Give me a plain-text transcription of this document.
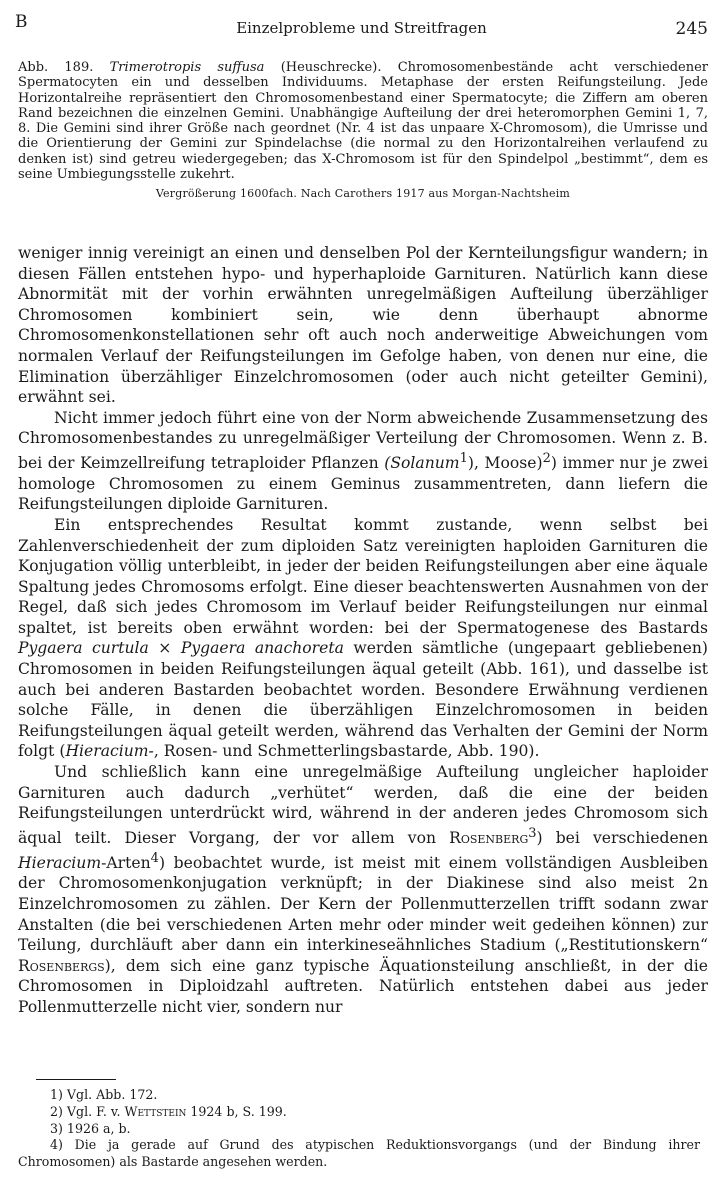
B	Einzelprobleme und Streitfragen	245

Abb. 189. Trimerotropis suffusa (Heuschrecke). Chromosomenbestände acht verschiedener Spermatocyten ein und desselben Individuums. Metaphase der ersten Reifungsteilung. Jede Horizontalreihe repräsentiert den Chromosomenbestand einer Spermatocyte; die Ziffern am oberen Rand bezeichnen die einzelnen Gemini. Unabhängige Aufteilung der drei heteromorphen Gemini 1, 7, 8. Die Gemini sind ihrer Größe nach geordnet (Nr. 4 ist das unpaare X-Chromosom), die Umrisse und die Orientierung der Gemini zur Spindelachse (die normal zu den Horizontalreihen verlaufend zu denken ist) sind getreu wiedergegeben; das X-Chromosom ist für den Spindelpol „bestimmt“, dem es seine Umbiegungsstelle zukehrt.

Vergrößerung 1600fach. Nach Carothers 1917 aus Morgan-Nachtsheim

weniger innig vereinigt an einen und denselben Pol der Kernteilungsfigur wandern; in diesen Fällen entstehen hypo- und hyperhaploide Garnituren. Natürlich kann diese Abnormität mit der vorhin erwähnten unregelmäßigen Aufteilung überzähliger Chromosomen kombiniert sein, wie denn überhaupt abnorme Chromosomenkonstellationen sehr oft auch noch anderweitige Abweichungen vom normalen Verlauf der Reifungsteilungen im Gefolge haben, von denen nur eine, die Elimination überzähliger Einzelchromosomen (oder auch nicht geteilter Gemini), erwähnt sei.

Nicht immer jedoch führt eine von der Norm abweichende Zusammensetzung des Chromosomenbestandes zu unregelmäßiger Verteilung der Chromosomen. Wenn z. B. bei der Keimzellreifung tetraploider Pflanzen (Solanum$^1$), Moose)$^2$) immer nur je zwei homologe Chromosomen zu einem Geminus zusammentreten, dann liefern die Reifungsteilungen diploide Garnituren.

Ein entsprechendes Resultat kommt zustande, wenn selbst bei Zahlenverschiedenheit der zum diploiden Satz vereinigten haploiden Garnituren die Konjugation völlig unterbleibt, in jeder der beiden Reifungsteilungen aber eine äquale Spaltung jedes Chromosoms erfolgt. Eine dieser beachtenswerten Ausnahmen von der Regel, daß sich jedes Chromosom im Verlauf beider Reifungsteilungen nur einmal spaltet, ist bereits oben erwähnt worden: bei der Spermatogenese des Bastards Pygaera curtula × Pygaera anachoreta werden sämtliche (ungepaart gebliebenen) Chromosomen in beiden Reifungsteilungen äqual geteilt (Abb. 161), und dasselbe ist auch bei anderen Bastarden beobachtet worden. Besondere Erwähnung verdienen solche Fälle, in denen die überzähligen Einzelchromosomen in beiden Reifungsteilungen äqual geteilt werden, während das Verhalten der Gemini der Norm folgt (Hieracium-, Rosen- und Schmetterlingsbastarde, Abb. 190).

Und schließlich kann eine unregelmäßige Aufteilung ungleicher haploider Garnituren auch dadurch „verhütet“ werden, daß die eine der beiden Reifungsteilungen unterdrückt wird, während in der anderen jedes Chromosom sich äqual teilt. Dieser Vorgang, der vor allem von Rosenberg$^3$) bei verschiedenen Hieracium-Arten$^4$) beobachtet wurde, ist meist mit einem vollständigen Ausbleiben der Chromosomenkonjugation verknüpft; in der Diakinese sind also meist 2n Einzelchromosomen zu zählen. Der Kern der Pollenmutterzellen trifft sodann zwar Anstalten (die bei verschiedenen Arten mehr oder minder weit gedeihen können) zur Teilung, durchläuft aber dann ein interkineseähnliches Stadium („Restitutionskern“ Rosenbergs), dem sich eine ganz typische Äquationsteilung anschließt, in der die Chromosomen in Diploidzahl auftreten. Natürlich entstehen dabei aus jeder Pollenmutterzelle nicht vier, sondern nur

1) Vgl. Abb. 172.

2) Vgl. F. v. Wettstein 1924 b, S. 199.

3) 1926 a, b.

4) Die ja gerade auf Grund des atypischen Reduktionsvorgangs (und der Bindung ihrer Chromosomen) als Bastarde angesehen werden.
